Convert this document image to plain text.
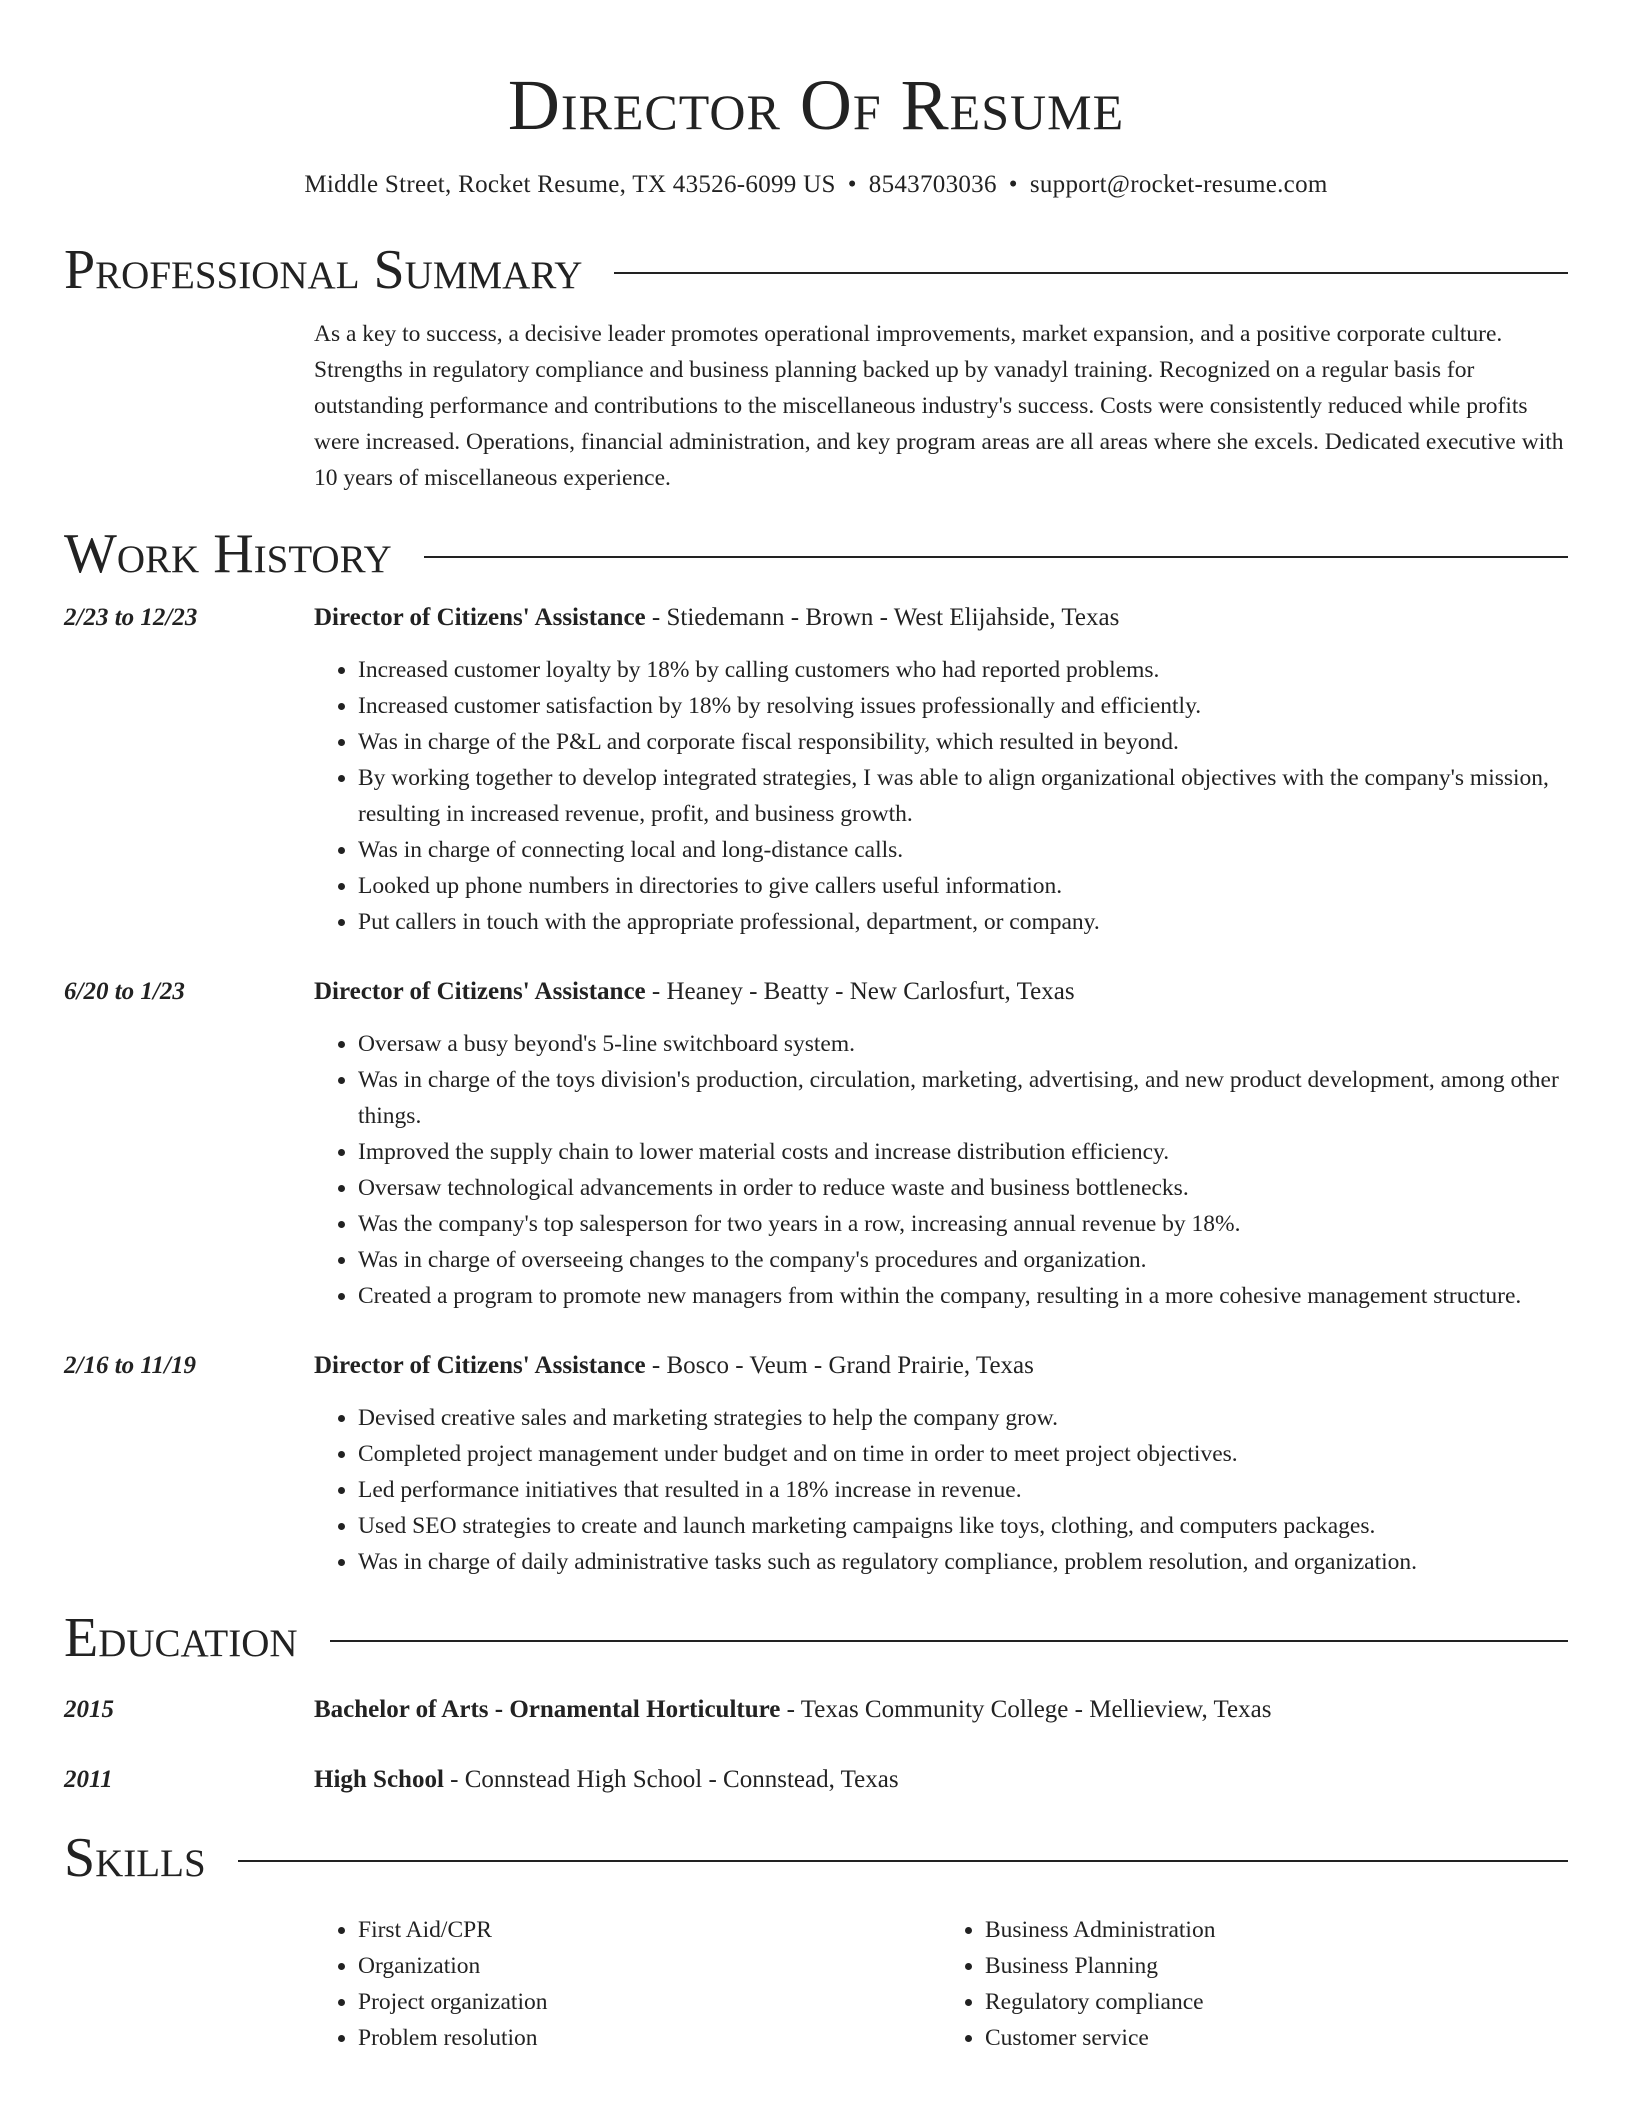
Director Of Resume
Middle Street, Rocket Resume, TX 43526-6099 US • 8543703036 • support@rocket-resume.com
Professional Summary
As a key to success, a decisive leader promotes operational improvements, market expansion, and a positive corporate culture. Strengths in regulatory compliance and business planning backed up by vanadyl training. Recognized on a regular basis for outstanding performance and contributions to the miscellaneous industry's success. Costs were consistently reduced while profits were increased. Operations, financial administration, and key program areas are all areas where she excels. Dedicated executive with 10 years of miscellaneous experience.
Work History
2/23 to 12/23	Director of Citizens' Assistance - Stiedemann - Brown - West Elijahside, Texas
• Increased customer loyalty by 18% by calling customers who had reported problems.
• Increased customer satisfaction by 18% by resolving issues professionally and efficiently.
• Was in charge of the P&L and corporate fiscal responsibility, which resulted in beyond.
• By working together to develop integrated strategies, I was able to align organizational objectives with the company's mission, resulting in increased revenue, profit, and business growth.
• Was in charge of connecting local and long-distance calls.
• Looked up phone numbers in directories to give callers useful information.
• Put callers in touch with the appropriate professional, department, or company.
6/20 to 1/23	Director of Citizens' Assistance - Heaney - Beatty - New Carlosfurt, Texas
• Oversaw a busy beyond's 5-line switchboard system.
• Was in charge of the toys division's production, circulation, marketing, advertising, and new product development, among other things.
• Improved the supply chain to lower material costs and increase distribution efficiency.
• Oversaw technological advancements in order to reduce waste and business bottlenecks.
• Was the company's top salesperson for two years in a row, increasing annual revenue by 18%.
• Was in charge of overseeing changes to the company's procedures and organization.
• Created a program to promote new managers from within the company, resulting in a more cohesive management structure.
2/16 to 11/19	Director of Citizens' Assistance - Bosco - Veum - Grand Prairie, Texas
• Devised creative sales and marketing strategies to help the company grow.
• Completed project management under budget and on time in order to meet project objectives.
• Led performance initiatives that resulted in a 18% increase in revenue.
• Used SEO strategies to create and launch marketing campaigns like toys, clothing, and computers packages.
• Was in charge of daily administrative tasks such as regulatory compliance, problem resolution, and organization.
Education
2015	Bachelor of Arts - Ornamental Horticulture - Texas Community College - Mellieview, Texas
2011	High School - Connstead High School - Connstead, Texas
Skills
• First Aid/CPR
• Organization
• Project organization
• Problem resolution
• Business Administration
• Business Planning
• Regulatory compliance
• Customer service
